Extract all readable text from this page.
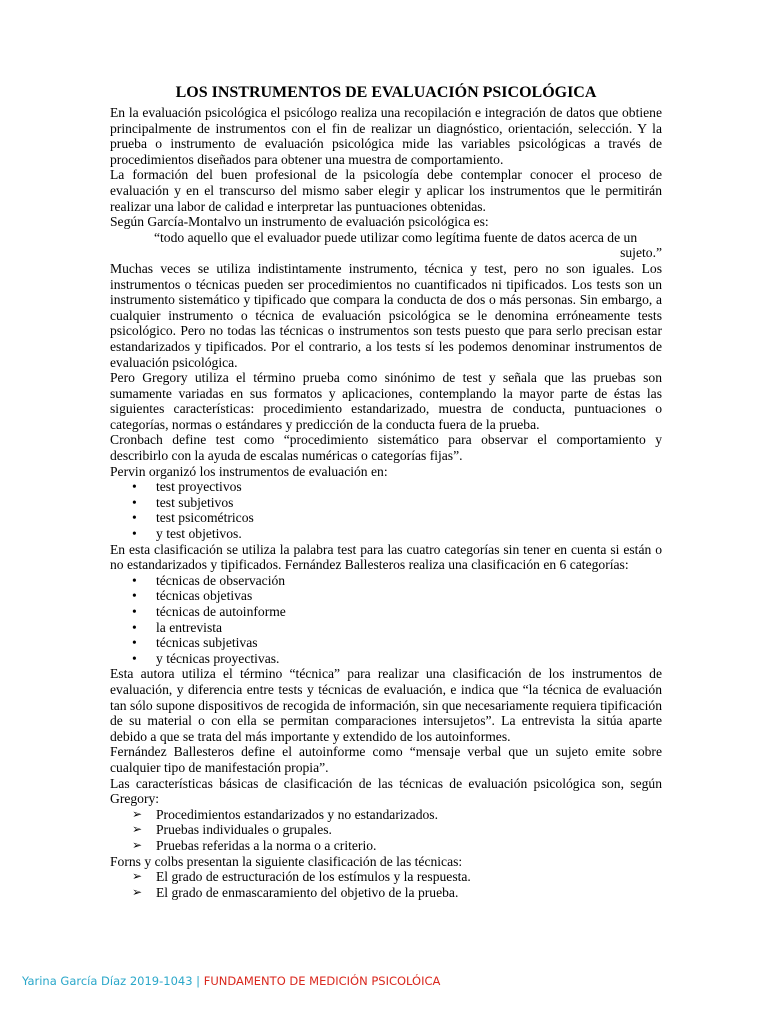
LOS INSTRUMENTOS DE EVALUACIÓN PSICOLÓGICA

En la evaluación psicológica el psicólogo realiza una recopilación e integración de datos que obtiene principalmente de instrumentos con el fin de realizar un diagnóstico, orientación, selección. Y la prueba o instrumento de evaluación psicológica mide las variables psicológicas a través de procedimientos diseñados para obtener una muestra de comportamiento.

La formación del buen profesional de la psicología debe contemplar conocer el proceso de evaluación y en el transcurso del mismo saber elegir y aplicar los instrumentos que le permitirán realizar una labor de calidad e interpretar las puntuaciones obtenidas.

Según García-Montalvo un instrumento de evaluación psicológica es:

“todo aquello que el evaluador puede utilizar como legítima fuente de datos acerca de un

sujeto.”

Muchas veces se utiliza indistintamente instrumento, técnica y test, pero no son iguales. Los instrumentos o técnicas pueden ser procedimientos no cuantificados ni tipificados. Los tests son un instrumento sistemático y tipificado que compara la conducta de dos o más personas. Sin embargo, a cualquier instrumento o técnica de evaluación psicológica se le denomina erróneamente tests psicológico. Pero no todas las técnicas o instrumentos son tests puesto que para serlo precisan estar estandarizados y tipificados. Por el contrario, a los tests sí les podemos denominar instrumentos de evaluación psicológica.

Pero Gregory utiliza el término prueba como sinónimo de test y señala que las pruebas son sumamente variadas en sus formatos y aplicaciones, contemplando la mayor parte de éstas las siguientes características: procedimiento estandarizado, muestra de conducta, puntuaciones o categorías, normas o estándares y predicción de la conducta fuera de la prueba.

Cronbach define test como “procedimiento sistemático para observar el comportamiento y describirlo con la ayuda de escalas numéricas o categorías fijas”.

Pervin organizó los instrumentos de evaluación en:

• test proyectivos
• test subjetivos
• test psicométricos
• y test objetivos.

En esta clasificación se utiliza la palabra test para las cuatro categorías sin tener en cuenta si están o no estandarizados y tipificados. Fernández Ballesteros realiza una clasificación en 6 categorías:

• técnicas de observación
• técnicas objetivas
• técnicas de autoinforme
• la entrevista
• técnicas subjetivas
• y técnicas proyectivas.

Esta autora utiliza el término “técnica” para realizar una clasificación de los instrumentos de evaluación, y diferencia entre tests y técnicas de evaluación, e indica que “la técnica de evaluación tan sólo supone dispositivos de recogida de información, sin que necesariamente requiera tipificación de su material o con ella se permitan comparaciones intersujetos”. La entrevista la sitúa aparte debido a que se trata del más importante y extendido de los autoinformes.

Fernández Ballesteros define el autoinforme como “mensaje verbal que un sujeto emite sobre cualquier tipo de manifestación propia”.

Las características básicas de clasificación de las técnicas de evaluación psicológica son, según Gregory:

➢ Procedimientos estandarizados y no estandarizados.
➢ Pruebas individuales o grupales.
➢ Pruebas referidas a la norma o a criterio.

Forns y colbs presentan la siguiente clasificación de las técnicas:

➢ El grado de estructuración de los estímulos y la respuesta.
➢ El grado de enmascaramiento del objetivo de la prueba.
Yarina García Díaz 2019-1043 | FUNDAMENTO DE MEDICIÓN PSICOLÓICA
